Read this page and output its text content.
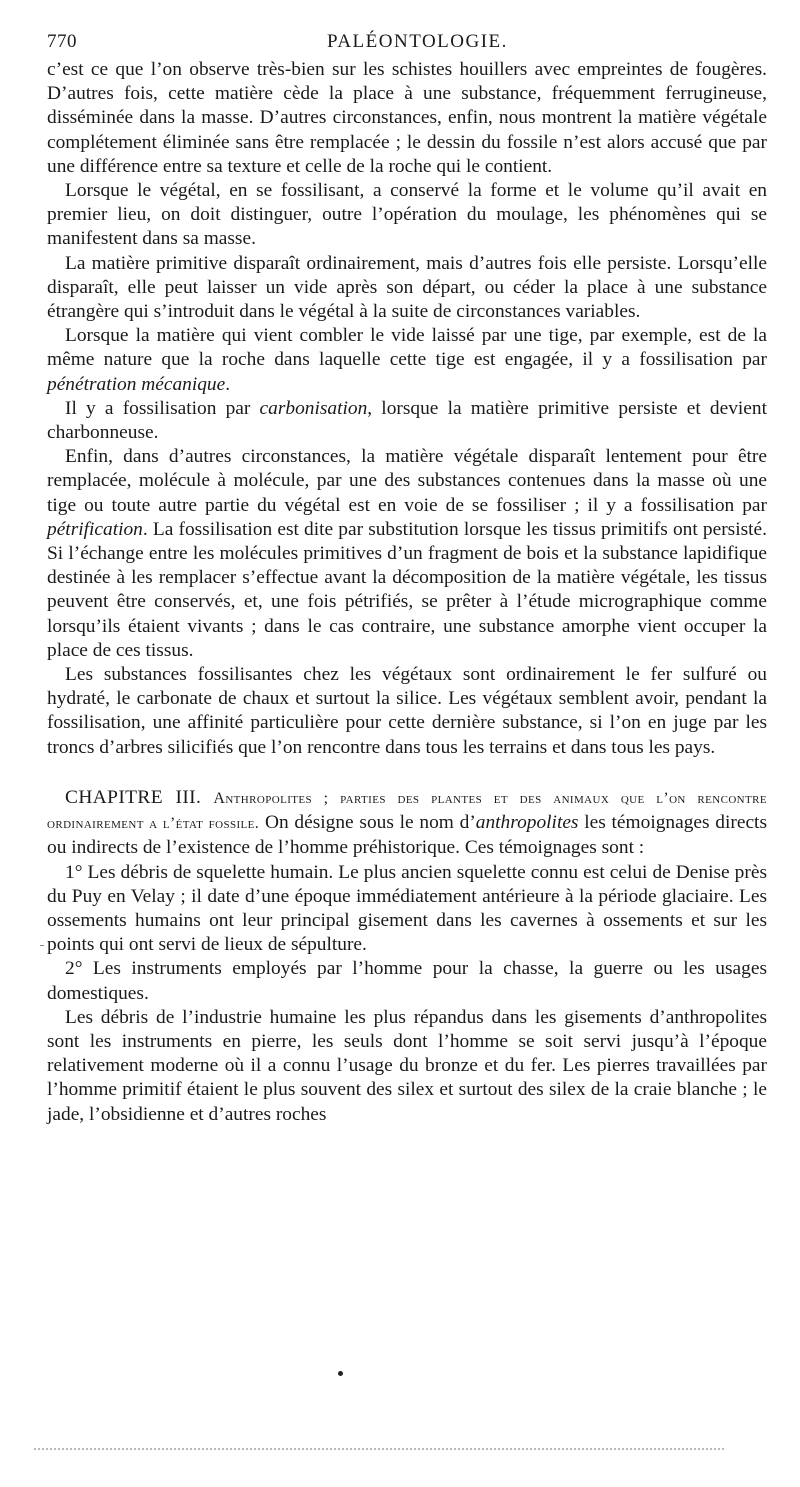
770	PALÉONTOLOGIE.

c’est ce que l’on observe très-bien sur les schistes houillers avec empreintes de fougères. D’autres fois, cette matière cède la place à une substance, fréquemment ferrugineuse, disséminée dans la masse. D’autres circonstances, enfin, nous montrent la matière végétale complétement éliminée sans être remplacée ; le dessin du fossile n’est alors accusé que par une différence entre sa texture et celle de la roche qui le contient.

Lorsque le végétal, en se fossilisant, a conservé la forme et le volume qu’il avait en premier lieu, on doit distinguer, outre l’opération du moulage, les phénomènes qui se manifestent dans sa masse.

La matière primitive disparaît ordinairement, mais d’autres fois elle persiste. Lorsqu’elle disparaît, elle peut laisser un vide après son départ, ou céder la place à une substance étrangère qui s’introduit dans le végétal à la suite de circonstances variables.

Lorsque la matière qui vient combler le vide laissé par une tige, par exemple, est de la même nature que la roche dans laquelle cette tige est engagée, il y a fossilisation par pénétration mécanique.

Il y a fossilisation par carbonisation, lorsque la matière primitive persiste et devient charbonneuse.

Enfin, dans d’autres circonstances, la matière végétale disparaît lentement pour être remplacée, molécule à molécule, par une des substances contenues dans la masse où une tige ou toute autre partie du végétal est en voie de se fossiliser ; il y a fossilisation par pétrification. La fossilisation est dite par substitution lorsque les tissus primitifs ont persisté. Si l’échange entre les molécules primitives d’un fragment de bois et la substance lapidifique destinée à les remplacer s’effectue avant la décomposition de la matière végétale, les tissus peuvent être conservés, et, une fois pétrifiés, se prêter à l’étude micrographique comme lorsqu’ils étaient vivants ; dans le cas contraire, une substance amorphe vient occuper la place de ces tissus.

Les substances fossilisantes chez les végétaux sont ordinairement le fer sulfuré ou hydraté, le carbonate de chaux et surtout la silice. Les végétaux semblent avoir, pendant la fossilisation, une affinité particulière pour cette dernière substance, si l’on en juge par les troncs d’arbres silicifiés que l’on rencontre dans tous les terrains et dans tous les pays.

CHAPITRE III. Anthropolites ; parties des plantes et des animaux que l’on rencontre ordinairement a l’état fossile. On désigne sous le nom d’anthropolites les témoignages directs ou indirects de l’existence de l’homme préhistorique. Ces témoignages sont :

1° Les débris de squelette humain. Le plus ancien squelette connu est celui de Denise près du Puy en Velay ; il date d’une époque immédiatement antérieure à la période glaciaire. Les ossements humains ont leur principal gisement dans les cavernes à ossements et sur les points qui ont servi de lieux de sépulture.

2° Les instruments employés par l’homme pour la chasse, la guerre ou les usages domestiques.

Les débris de l’industrie humaine les plus répandus dans les gisements d’anthropolites sont les instruments en pierre, les seuls dont l’homme se soit servi jusqu’à l’époque relativement moderne où il a connu l’usage du bronze et du fer. Les pierres travaillées par l’homme primitif étaient le plus souvent des silex et surtout des silex de la craie blanche ; le jade, l’obsidienne et d’autres roches
